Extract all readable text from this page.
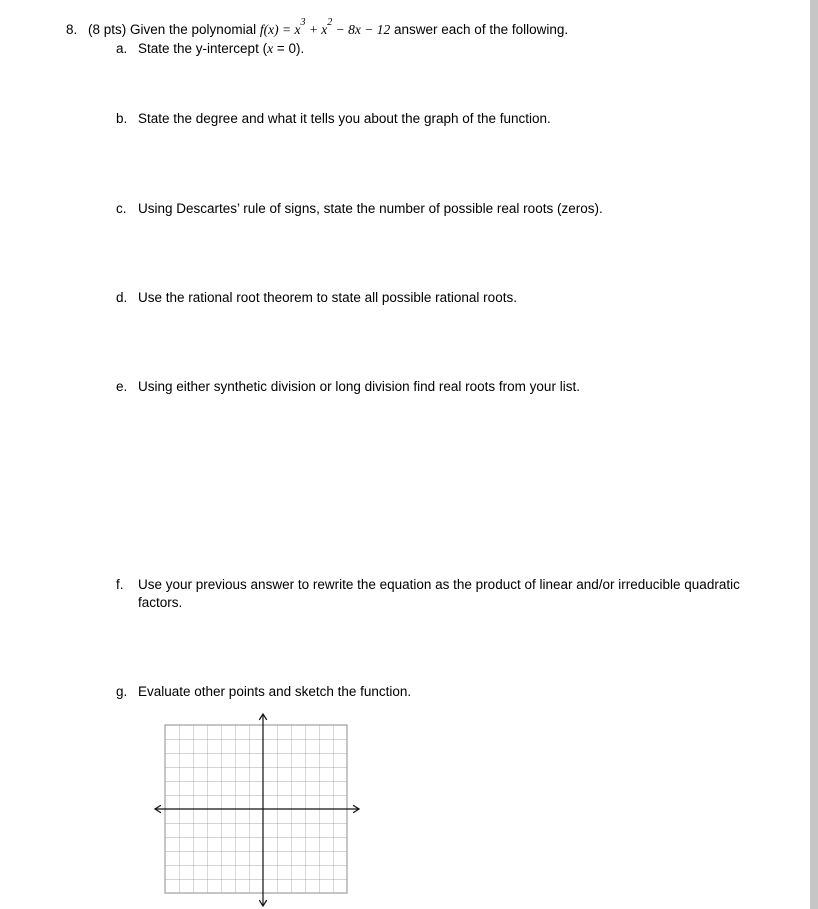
8. (8 pts) Given the polynomial $f(x) = x^3 + x^2 - 8x - 12$ answer each of the following.
a. State the y-intercept (x = 0).
b. State the degree and what it tells you about the graph of the function.
c. Using Descartes’ rule of signs, state the number of possible real roots (zeros).
d. Use the rational root theorem to state all possible rational roots.
e. Using either synthetic division or long division find real roots from your list.
f.	Use your previous answer to rewrite the equation as the product of linear and/or irreducible quadratic factors.
g. Evaluate other points and sketch the function.
